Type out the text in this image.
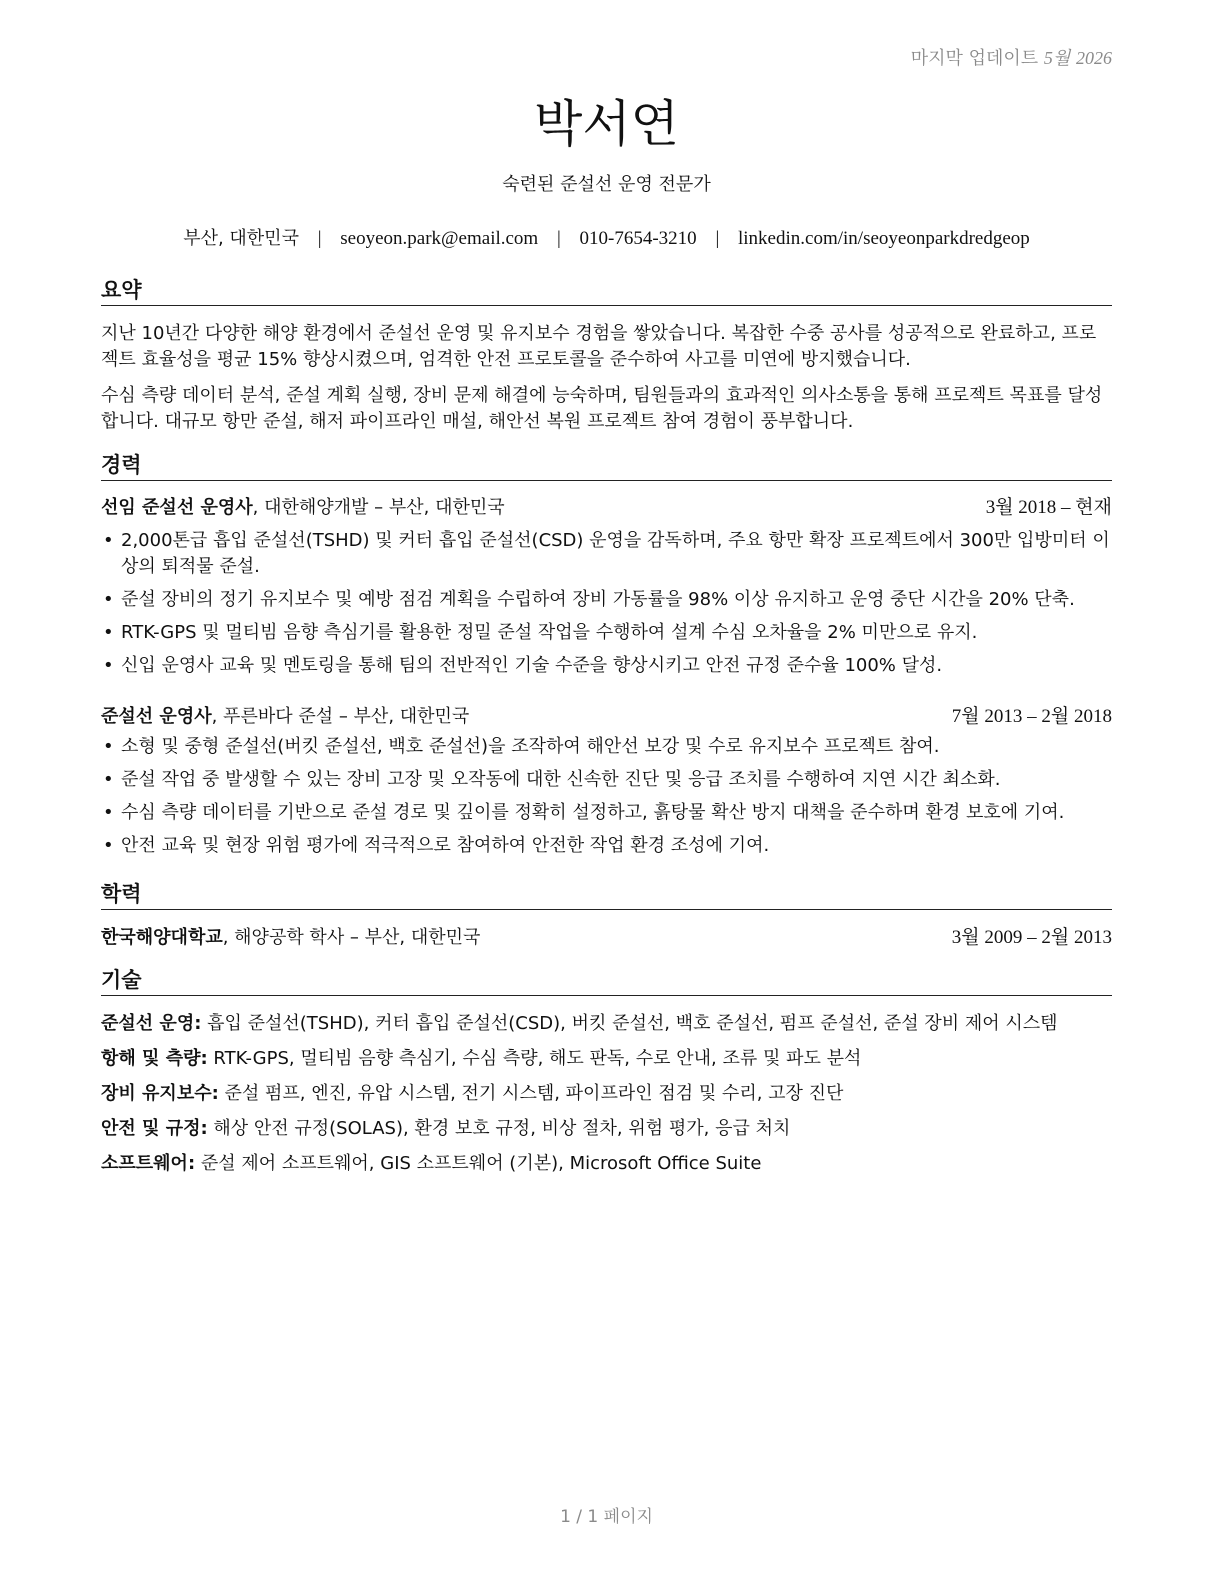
마지막 업데이트 5월 2026
박서연
숙련된 준설선 운영 전문가
부산, 대한민국 | seoyeon.park@email.com | 010-7654-3210 | linkedin.com/in/seoyeonparkdredgeop
요약

지난 10년간 다양한 해양 환경에서 준설선 운영 및 유지보수 경험을 쌓았습니다. 복잡한 수중 공사를 성공적으로 완료하고, 프로젝트 효율성을 평균 15% 향상시켰으며, 엄격한 안전 프로토콜을 준수하여 사고를 미연에 방지했습니다.

수심 측량 데이터 분석, 준설 계획 실행, 장비 문제 해결에 능숙하며, 팀원들과의 효과적인 의사소통을 통해 프로젝트 목표를 달성합니다. 대규모 항만 준설, 해저 파이프라인 매설, 해안선 복원 프로젝트 참여 경험이 풍부합니다.

경력
선임 준설선 운영사, 대한해양개발 – 부산, 대한민국	3월 2018 – 현재
• 2,000톤급 흡입 준설선(TSHD) 및 커터 흡입 준설선(CSD) 운영을 감독하며, 주요 항만 확장 프로젝트에서 300만 입방미터 이상의 퇴적물 준설.
• 준설 장비의 정기 유지보수 및 예방 점검 계획을 수립하여 장비 가동률을 98% 이상 유지하고 운영 중단 시간을 20% 단축.
• RTK-GPS 및 멀티빔 음향 측심기를 활용한 정밀 준설 작업을 수행하여 설계 수심 오차율을 2% 미만으로 유지.
• 신입 운영사 교육 및 멘토링을 통해 팀의 전반적인 기술 수준을 향상시키고 안전 규정 준수율 100% 달성.
준설선 운영사, 푸른바다 준설 – 부산, 대한민국	7월 2013 – 2월 2018
• 소형 및 중형 준설선(버킷 준설선, 백호 준설선)을 조작하여 해안선 보강 및 수로 유지보수 프로젝트 참여.
• 준설 작업 중 발생할 수 있는 장비 고장 및 오작동에 대한 신속한 진단 및 응급 조치를 수행하여 지연 시간 최소화.
• 수심 측량 데이터를 기반으로 준설 경로 및 깊이를 정확히 설정하고, 흙탕물 확산 방지 대책을 준수하며 환경 보호에 기여.
• 안전 교육 및 현장 위험 평가에 적극적으로 참여하여 안전한 작업 환경 조성에 기여.
학력
한국해양대학교, 해양공학 학사 – 부산, 대한민국	3월 2009 – 2월 2013
기술
준설선 운영: 흡입 준설선(TSHD), 커터 흡입 준설선(CSD), 버킷 준설선, 백호 준설선, 펌프 준설선, 준설 장비 제어 시스템
항해 및 측량: RTK-GPS, 멀티빔 음향 측심기, 수심 측량, 해도 판독, 수로 안내, 조류 및 파도 분석
장비 유지보수: 준설 펌프, 엔진, 유압 시스템, 전기 시스템, 파이프라인 점검 및 수리, 고장 진단
안전 및 규정: 해상 안전 규정(SOLAS), 환경 보호 규정, 비상 절차, 위험 평가, 응급 처치
소프트웨어: 준설 제어 소프트웨어, GIS 소프트웨어 (기본), Microsoft Office Suite
1 / 1 페이지
